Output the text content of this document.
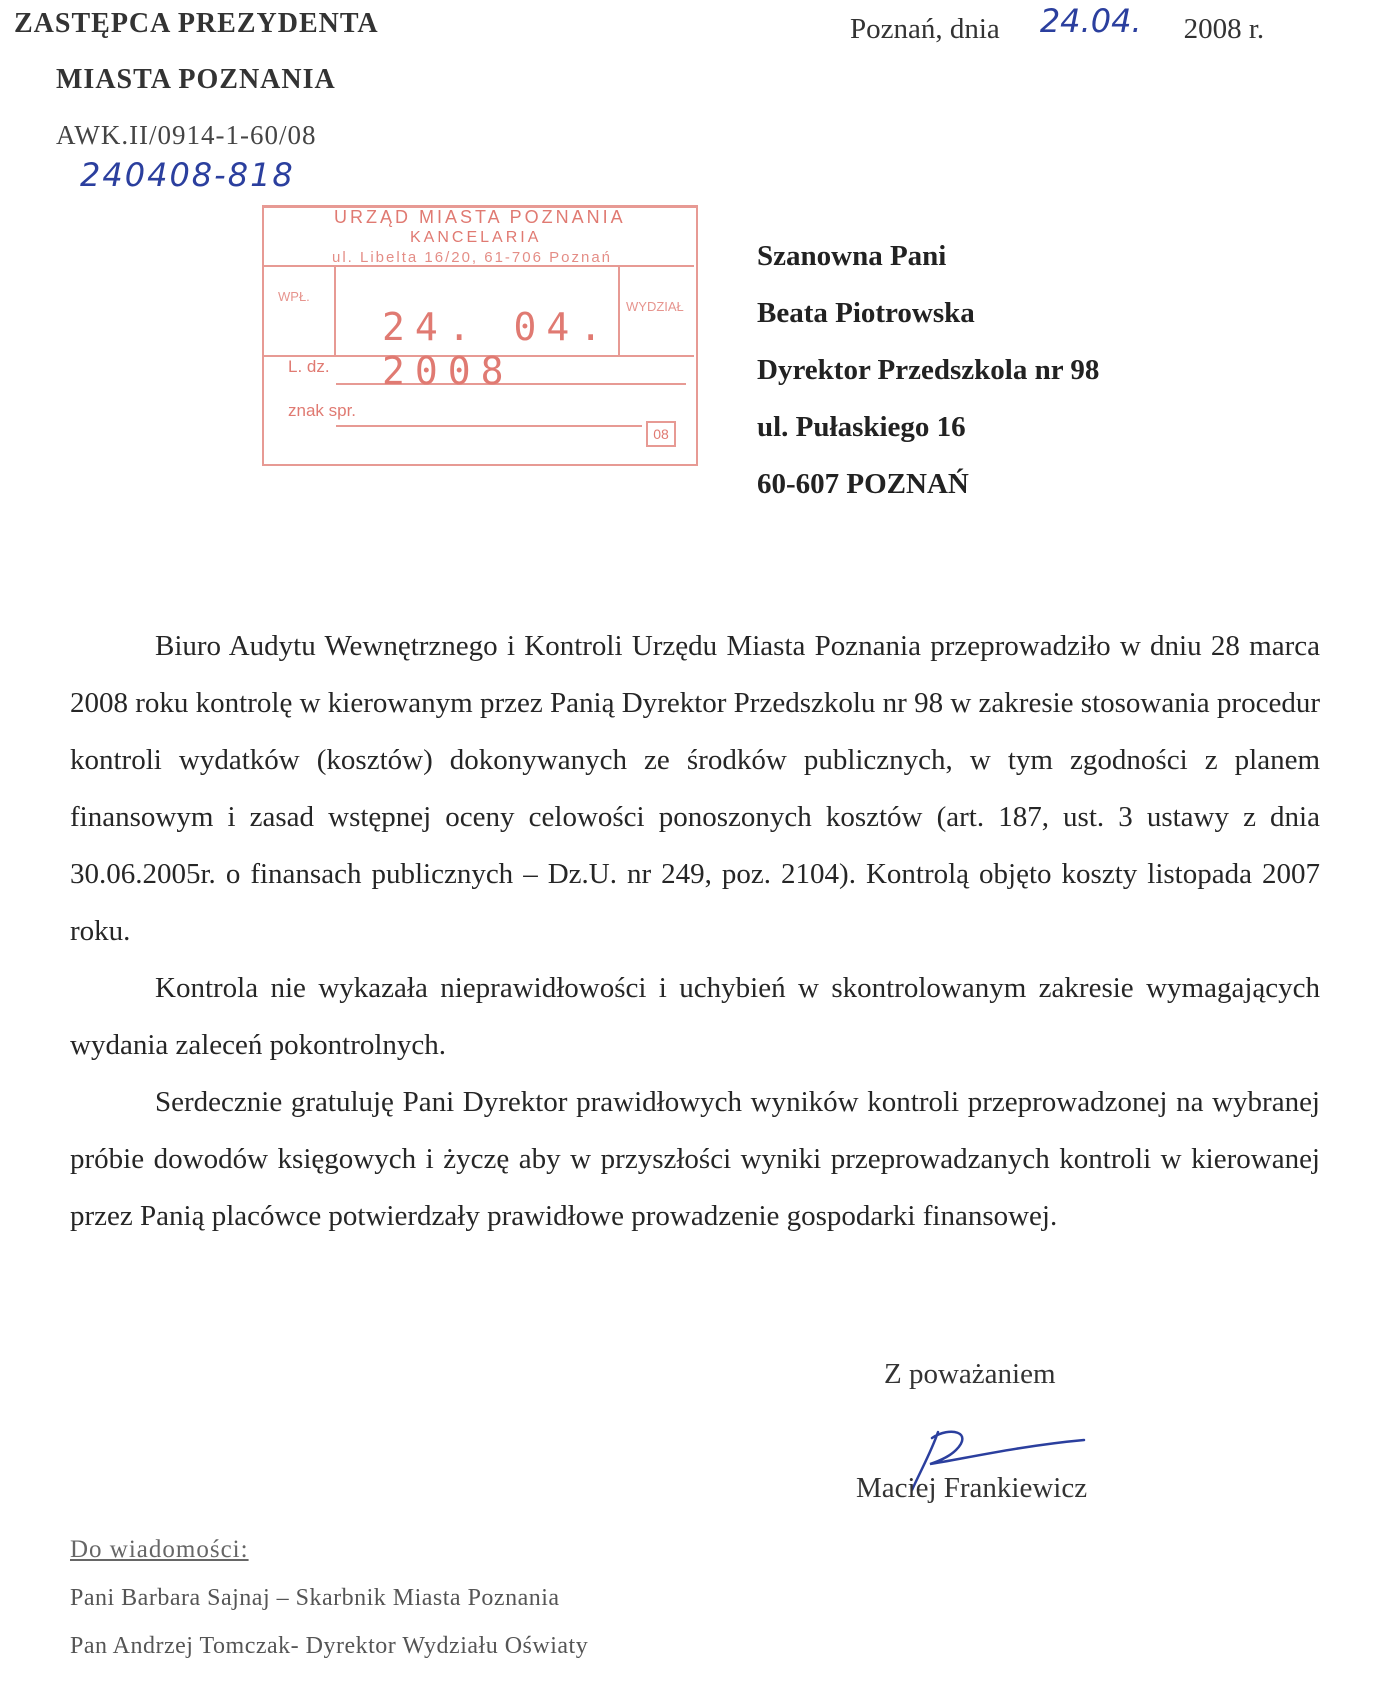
ZASTĘPCA PREZYDENTA
MIASTA POZNANIA
AWK.II/0914-1-60/08
240408-818
Poznań, dnia 24.04. 2008 r.
URZĄD MIASTA POZNANIA
KANCELARIA
ul. Libelta 16/20, 61-706 Poznań
24. 04. 2008
WPŁ.
WYDZIAŁ
L. dz.
znak spr.
08
Szanowna Pani
Beata Piotrowska
Dyrektor Przedszkola nr 98
ul. Pułaskiego 16
60-607 POZNAŃ

Biuro Audytu Wewnętrznego i Kontroli Urzędu Miasta Poznania przeprowadziło w dniu 28 marca 2008 roku kontrolę w kierowanym przez Panią Dyrektor Przedszkolu nr 98 w zakresie stosowania procedur kontroli wydatków (kosztów) dokonywanych ze środków publicznych, w tym zgodności z planem finansowym i zasad wstępnej oceny celowości ponoszonych kosztów (art. 187, ust. 3 ustawy z dnia 30.06.2005r. o finansach publicznych – Dz.U. nr 249, poz. 2104). Kontrolą objęto koszty listopada 2007 roku.

Kontrola nie wykazała nieprawidłowości i uchybień w skontrolowanym zakresie wymagających wydania zaleceń pokontrolnych.

Serdecznie gratuluję Pani Dyrektor prawidłowych wyników kontroli przeprowadzonej na wybranej próbie dowodów księgowych i życzę aby w przyszłości wyniki przeprowadzanych kontroli w kierowanej przez Panią placówce potwierdzały prawidłowe prowadzenie gospodarki finansowej.

Z poważaniem
Maciej Frankiewicz
Do wiadomości:
Pani Barbara Sajnaj – Skarbnik Miasta Poznania
Pan Andrzej Tomczak- Dyrektor Wydziału Oświaty
